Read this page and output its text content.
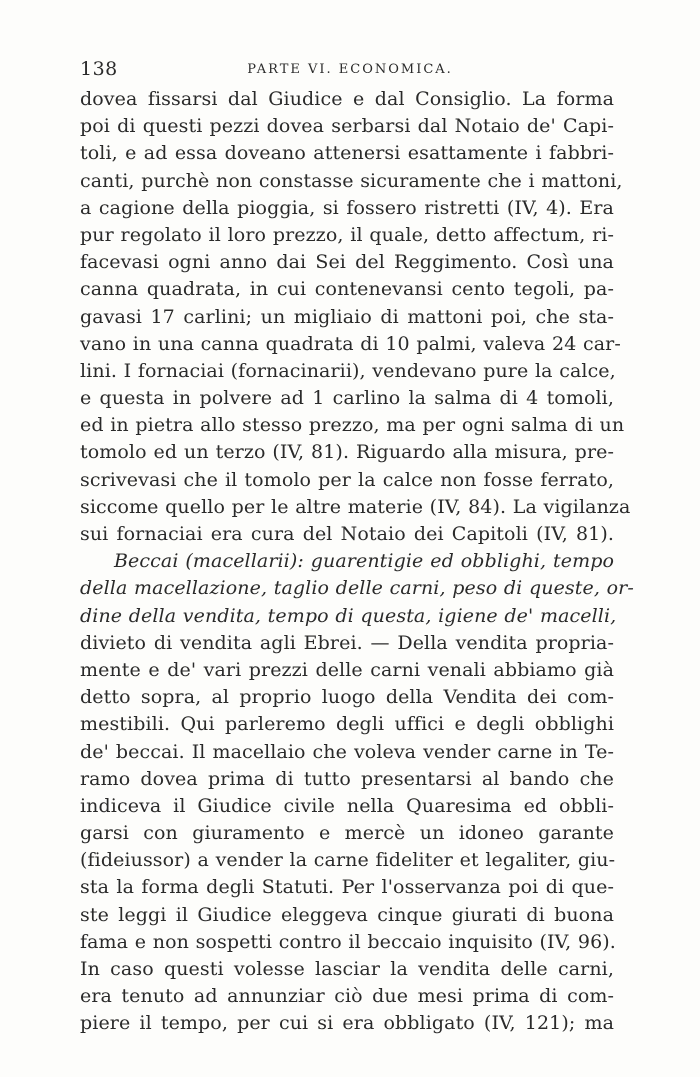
138	PARTE VI. ECONOMICA.
dovea fissarsi dal Giudice e dal Consiglio. La forma
poi di questi pezzi dovea serbarsi dal Notaio de' Capi-
toli, e ad essa doveano attenersi esattamente i fabbri-
canti, purchè non constasse sicuramente che i mattoni,
a cagione della pioggia, si fossero ristretti (IV, 4). Era
pur regolato il loro prezzo, il quale, detto affectum, ri-
facevasi ogni anno dai Sei del Reggimento. Così una
canna quadrata, in cui contenevansi cento tegoli, pa-
gavasi 17 carlini; un migliaio di mattoni poi, che sta-
vano in una canna quadrata di 10 palmi, valeva 24 car-
lini. I fornaciai (fornacinarii), vendevano pure la calce,
e questa in polvere ad 1 carlino la salma di 4 tomoli,
ed in pietra allo stesso prezzo, ma per ogni salma di un
tomolo ed un terzo (IV, 81). Riguardo alla misura, pre-
scrivevasi che il tomolo per la calce non fosse ferrato,
siccome quello per le altre materie (IV, 84). La vigilanza
sui fornaciai era cura del Notaio dei Capitoli (IV, 81).
Beccai (macellarii): guarentigie ed obblighi, tempo
della macellazione, taglio delle carni, peso di queste, or-
dine della vendita, tempo di questa, igiene de' macelli,
divieto di vendita agli Ebrei. — Della vendita propria-
mente e de' vari prezzi delle carni venali abbiamo già
detto sopra, al proprio luogo della Vendita dei com-
mestibili. Qui parleremo degli uffici e degli obblighi
de' beccai. Il macellaio che voleva vender carne in Te-
ramo dovea prima di tutto presentarsi al bando che
indiceva il Giudice civile nella Quaresima ed obbli-
garsi con giuramento e mercè un idoneo garante
(fideiussor) a vender la carne fideliter et legaliter, giu-
sta la forma degli Statuti. Per l'osservanza poi di que-
ste leggi il Giudice eleggeva cinque giurati di buona
fama e non sospetti contro il beccaio inquisito (IV, 96).
In caso questi volesse lasciar la vendita delle carni,
era tenuto ad annunziar ciò due mesi prima di com-
piere il tempo, per cui si era obbligato (IV, 121); ma
